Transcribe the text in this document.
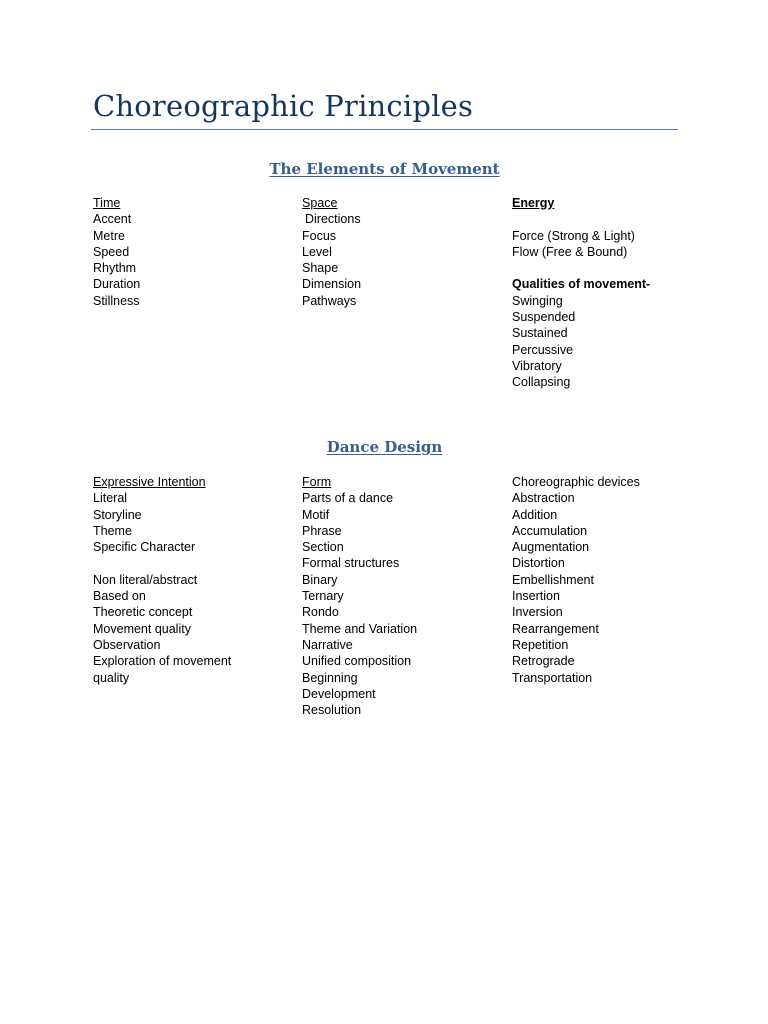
Choreographic Principles
The Elements of Movement
Time
Accent
Metre
Speed
Rhythm
Duration
Stillness
Space
Directions
Focus
Level
Shape
Dimension
Pathways
Energy
Force (Strong & Light)
Flow (Free & Bound)
Qualities of movement-
Swinging
Suspended
Sustained
Percussive
Vibratory
Collapsing
Dance Design
Expressive Intention
Literal
Storyline
Theme
Specific Character
Non literal/abstract
Based on
Theoretic concept
Movement quality
Observation
Exploration of movement quality
Form
Parts of a dance
Motif
Phrase
Section
Formal structures
Binary
Ternary
Rondo
Theme and Variation
Narrative
Unified composition
Beginning
Development
Resolution
Choreographic devices
Abstraction
Addition
Accumulation
Augmentation
Distortion
Embellishment
Insertion
Inversion
Rearrangement
Repetition
Retrograde
Transportation
